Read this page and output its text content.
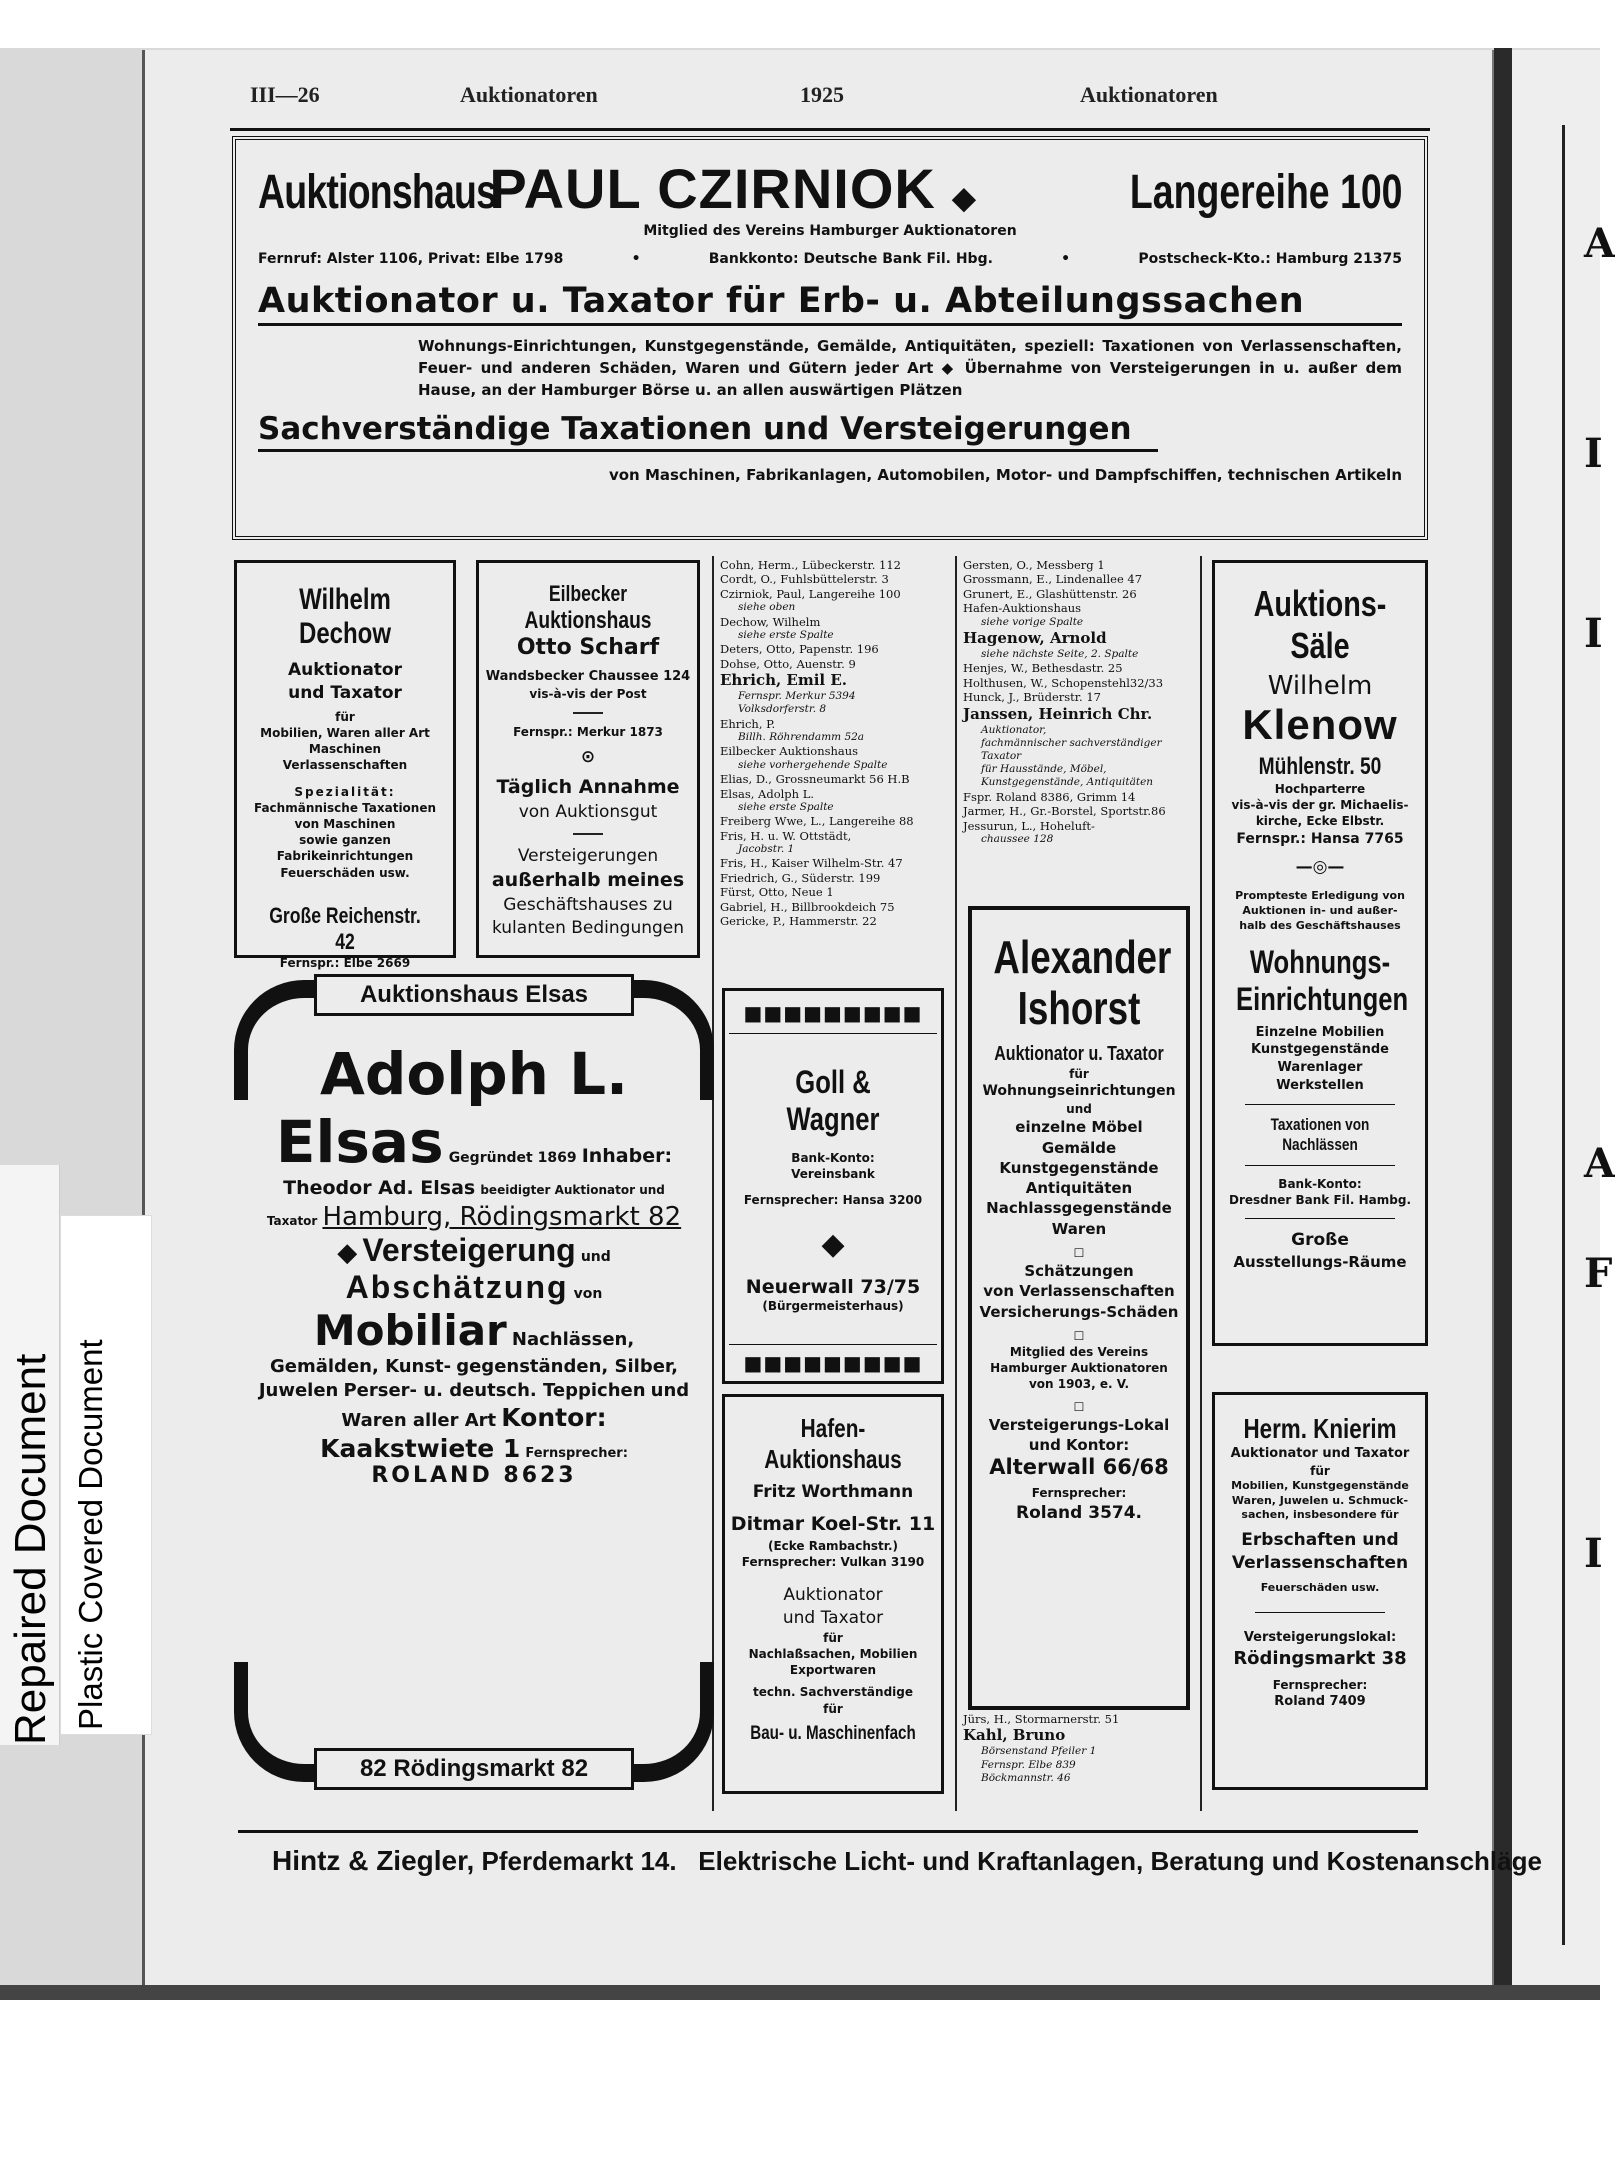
A
I
I
A
F
I
Repaired Document Plastic Covered Document
III—26	Auktionatoren	1925	Auktionatoren
Auktionshaus
PAUL CZIRNIOK ◆	Langereihe 100
Mitglied des Vereins Hamburger Auktionatoren
Fernruf: Alster 1106, Privat: Elbe 1798	•	Bankkonto: Deutsche Bank Fil. Hbg.	•	Postscheck-Kto.: Hamburg 21375
Auktionator u. Taxator für Erb- u. Abteilungssachen
Wohnungs-Einrichtungen, Kunstgegenstände, Gemälde, Antiquitäten, speziell: Taxationen von Verlassenschaften, Feuer- und anderen Schäden, Waren und Gütern jeder Art ◆ Übernahme von Versteigerungen in u. außer dem Hause, an der Hamburger Börse u. an allen auswärtigen Plätzen
Sachverständige Taxationen und Versteigerungen
von Maschinen, Fabrikanlagen, Automobilen, Motor- und Dampfschiffen, technischen Artikeln
Wilhelm Dechow
Auktionator
und Taxator
für
Mobilien, Waren aller Art
Maschinen
Verlassenschaften
Spezialität:
Fachmännische Taxationen
von Maschinen
sowie ganzen
Fabrikeinrichtungen
Feuerschäden usw.
Große Reichenstr. 42
Fernspr.: Elbe 2669
Eilbecker
Auktionshaus
Otto Scharf
Wandsbecker Chaussee 124
vis-à-vis der Post
Fernspr.: Merkur 1873
⊙
Täglich Annahme
von Auktionsgut
Versteigerungen
außerhalb meines
Geschäftshauses zu
kulanten Bedingungen
Cohn, Herm., Lübeckerstr. 112
Cordt, O., Fuhlsbüttelerstr. 3
Czirniok, Paul, Langereihe 100
siehe oben
Dechow, Wilhelm
siehe erste Spalte
Deters, Otto, Papenstr. 196
Dohse, Otto, Auenstr. 9
Ehrich, Emil E.
Fernspr. Merkur 5394
Volksdorferstr. 8
Ehrich, P.
Billh. Röhrendamm 52a
Eilbecker Auktionshaus
siehe vorhergehende Spalte
Elias, D., Grossneumarkt 56 H.B
Elsas, Adolph L.
siehe erste Spalte
Freiberg Wwe, L., Langereihe 88
Fris, H. u. W. Ottstädt,
Jacobstr. 1
Fris, H., Kaiser Wilhelm-Str. 47
Friedrich, G., Süderstr. 199
Fürst, Otto, Neue 1
Gabriel, H., Billbrookdeich 75
Gericke, P., Hammerstr. 22
Gersten, O., Messberg 1
Grossmann, E., Lindenallee 47
Grunert, E., Glashüttenstr. 26
Hafen-Auktionshaus
siehe vorige Spalte
Hagenow, Arnold
siehe nächste Seite, 2. Spalte
Henjes, W., Bethesdastr. 25
Holthusen, W., Schopenstehl32/33
Hunck, J., Brüderstr. 17
Janssen, Heinrich Chr.
Auktionator,
fachmännischer sachverständiger
Taxator
für Hausstände, Möbel,
Kunstgegenstände, Antiquitäten
Fspr. Roland 8386, Grimm 14
Jarmer, H., Gr.-Borstel, Sportstr.86
Jessurun, L., Hoheluft-
chaussee 128
Jürs, H., Stormarnerstr. 51
Kahl, Bruno
Börsenstand Pfeiler 1
Fernspr. Elbe 839
Böckmannstr. 46
■■■■■■■■■
Goll & Wagner
Bank-Konto:
Vereinsbank
Fernsprecher: Hansa 3200
◆
Neuerwall 73/75
(Bürgermeisterhaus)
■■■■■■■■■
Hafen-Auktionshaus
Fritz Worthmann
Ditmar Koel-Str. 11
(Ecke Rambachstr.)
Fernsprecher: Vulkan 3190
Auktionator
und Taxator
für
Nachlaßsachen, Mobilien
Exportwaren
techn. Sachverständige
für
Bau- u. Maschinenfach
Alexander
Ishorst
Auktionator u. Taxator
für
Wohnungseinrichtungen
und
einzelne Möbel
Gemälde
Kunstgegenstände
Antiquitäten
Nachlassgegenstände
Waren
☐
Schätzungen
von Verlassenschaften
Versicherungs-Schäden
☐
Mitglied des Vereins
Hamburger Auktionatoren
von 1903, e. V.
☐
Versteigerungs-Lokal
und Kontor:
Alterwall 66/68
Fernsprecher:
Roland 3574.
Auktions-Säle
Wilhelm
Klenow
Mühlenstr. 50
Hochparterre
vis-à-vis der gr. Michaelis-
kirche, Ecke Elbstr.
Fernspr.: Hansa 7765
—◎—
Prompteste Erledigung von
Auktionen in- und außer-
halb des Geschäftshauses
Wohnungs-
Einrichtungen
Einzelne Mobilien
Kunstgegenstände
Warenlager
Werkstellen
Taxationen von Nachlässen
Bank-Konto:
Dresdner Bank Fil. Hambg.
Große
Ausstellungs-Räume
Herm. Knierim
Auktionator und Taxator
für
Mobilien, Kunstgegenstände
Waren, Juwelen u. Schmuck-
sachen, insbesondere für
Erbschaften und
Verlassenschaften
Feuerschäden usw.
Versteigerungslokal:
Rödingsmarkt 38
Fernsprecher:
Roland 7409
Auktionshaus Elsas
82 Rödingsmarkt 82
Adolph L. Elsas Gegründet 1869 Inhaber: Theodor Ad. Elsas beeidigter Auktionator und Taxator Hamburg, Rödingsmarkt 82 ◆ Versteigerung und Abschätzung von Mobiliar Nachlässen, Gemälden, Kunst- gegenständen, Silber, Juwelen Perser- u. deutsch. Teppichen und Waren aller Art Kontor: Kaakstwiete 1 Fernsprecher: ROLAND 8623
Hintz & Ziegler, Pferdemarkt 14.   Elektrische Licht- und Kraftanlagen, Beratung und Kostenanschläge
